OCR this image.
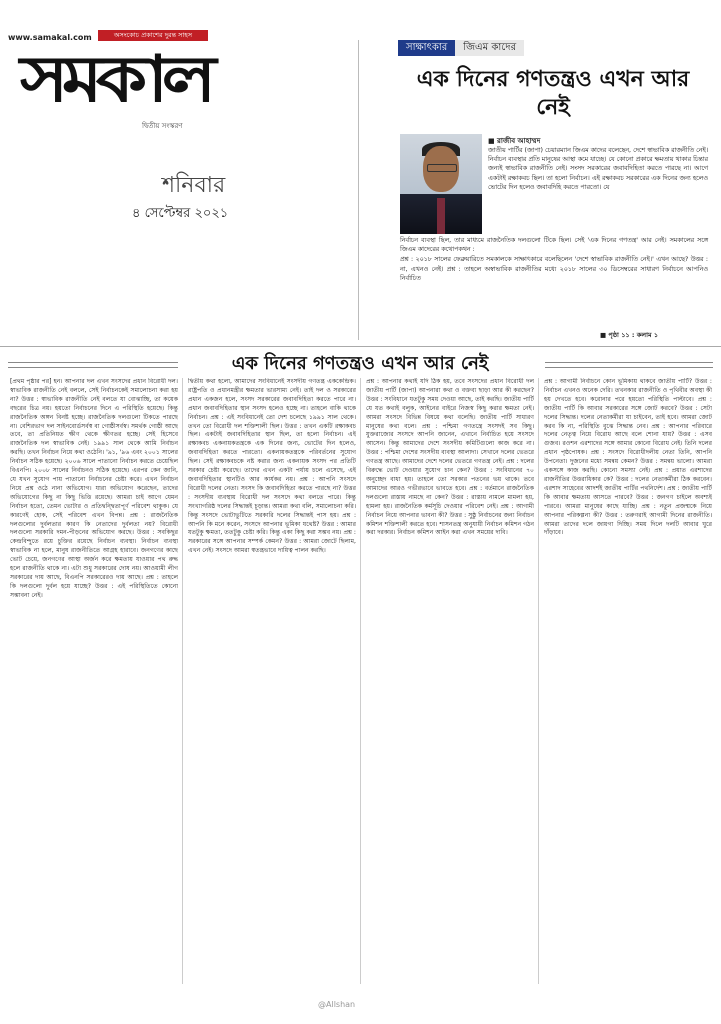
www.samakal.com	অসংকোচ প্রকাশের দুরন্ত সাহস
সমকাল
দ্বিতীয় সংস্করণ
শনিবার
৪ সেপ্টেম্বর ২০২১
সাক্ষাৎকার	জিএম কাদের
এক দিনের গণতন্ত্রও এখন আর নেই
■ রাজীব আহাম্মদ
জাতীয় পার্টির (জাপা) চেয়ারম্যান জিএম কাদের বলেছেন, দেশে স্বাভাবিক রাজনীতি নেই। নির্বাচন ব্যবস্থার প্রতি মানুষের আস্থা কমে যাচ্ছে। যে কোনো প্রকারে ক্ষমতায় থাকার চিন্তার জন্যই স্বাভাবিক রাজনীতি নেই। সংসদ সরকারের জবাবদিহিতা করতে পারছে না। আগে একটাই রক্ষাকবচ ছিল। তা হলো নির্বাচন। এই রক্ষাকবচ সরকারের এক দিনের জন্য হলেও ভোটের দিন হলেও জবাবদিহি করতে পারতো। যে

নির্বাচন ব্যবস্থা ছিল, তার মাধ্যমে রাজনৈতিক দলগুলো টিকে ছিল। সেই 'এক দিনের গণতন্ত্র' আর নেই। সমকালের সঙ্গে জিএম কাদেরের কথোপকথন :

প্রশ্ন : ২০১৮ সালের ফেব্রুয়ারিতে সমকালকে সাক্ষাৎকারে বলেছিলেন 'দেশে স্বাভাবিক রাজনীতি নেই।' এখন আছে? উত্তর : না, এখনও নেই। প্রশ্ন : তাহলে অস্বাভাবিক রাজনীতির মধ্যে ২০১৮ সালের ৩০ ডিসেম্বরের সাধারণ নির্বাচনে আপনিও নির্বাচিত

■ পৃষ্ঠা ১১ : কলাম ১
এক দিনের গণতন্ত্রও এখন আর নেই
[প্রথম পৃষ্ঠার পর] হন। আপনার দল এখন সংসদের প্রধান বিরোধী দল। স্বাভাবিক রাজনীতি নেই বললে, সেই নির্বাচনকেই সমালোচনা করা হয় না? উত্তর : স্বাভাবিক রাজনীতি নেই বলতে যা বোঝাচ্ছি, তা কয়েক বছরের চিত্র নয়। হয়তো নির্বাচনের দিনে এ পরিস্থিতি হয়েছে। কিন্তু রাজনৈতিক অঙ্গন বিনষ্ট হচ্ছে। রাজনৈতিক দলগুলো টিকতে পারছে না। বেশিরভাগ দল সাইনবোর্ডসর্বস্ব বা গোষ্ঠীসর্বস্ব। সমর্থক গোষ্ঠী আছে তবে, তা প্রতিনিয়ত ক্ষীণ থেকে ক্ষীণতর হচ্ছে। সেই হিসেবে রাজনৈতিক দল স্বাভাবিক নেই। ১৯৯১ সাল থেকে আমি নির্বাচন করছি। তখন নির্বাচন নিয়ে কথা ওঠেনি। '৯১, '৯৬ এবং ২০০১ সালের নির্বাচন সঠিক হয়েছে। ২০০৬ সালে পাতানো নির্বাচন করতে চেয়েছিল বিএনপি। ২০০৮ সালের নির্বাচনও সঠিক হয়েছে। এরপর কেন জানি, যে যখন সুযোগ পায় পাতানো নির্বাচনের চেষ্টা করে। এখন নির্বাচন নিয়ে প্রশ্ন ওঠে নানা অভিযোগ। যারা অভিযোগ করেছেন, তাদের অভিযোগের কিছু না কিছু ভিত্তি রয়েছে। আমরা চাই আগে যেমন নির্বাচন হতো, তেমন ভোটার ও প্রতিদ্বন্দ্বিতাপূর্ণ পরিবেশ থাকুক। যে কারণেই হোক, সেই পরিবেশ এখন বিপন্ন। প্রশ্ন : রাজনৈতিক দলগুলোর দুর্বলতার কারণ কি নেতাদের দুর্বলতা নয়? বিরোধী দলগুলো সরকারি দমন-পীড়নের অভিযোগ করছে। উত্তর : সবকিছুর কেন্দ্রবিন্দুতে রয়ে চুক্তির রয়েছে নির্বাচন ব্যবস্থা। নির্বাচন ব্যবস্থা স্বাভাবিক না হলে, মানুষ রাজনীতিতে আগ্রহ হারাবে। জনগণের কাছে ভোট চেয়ে, জনগণের আস্থা অর্জন করে ক্ষমতায় যাওয়ার পথ রুদ্ধ হলে রাজনীতি থাকে না। এটা শুধু সরকারের দোষ নয়। আওয়ামী লীগ সরকারের দায় আছে, বিএনপি সরকারেরও দায় আছে। প্রশ্ন : তাহলে কি দলগুলো দুর্বল হয়ে যাচ্ছে? উত্তর : এই পরিস্থিতিতে কোনো সম্ভাবনা নেই।
দ্বিতীয় কথা হলো, আমাদের সংবিধানেই সংসদীয় গণতন্ত্র এককেন্দ্রিক। রাষ্ট্রপতি ও প্রধানমন্ত্রীর ক্ষমতার ভারসাম্য নেই। তাই দল ও সরকারের প্রধান একজন হলে, সংসদ সরকারের জবাবদিহিতা করতে পারে না। প্রধান জবাবদিহিতার স্থান সংসদ হলেও হচ্ছে না। তাহলে বাকি থাকে নির্বাচন। প্রশ্ন : এই সংবিধানেই তো দেশ চলেছে ১৯৯১ সাল থেকে। তখন তো বিরোধী দল শক্তিশালী ছিল। উত্তর : তখন একটি রক্ষাকবচ ছিল। একটাই জবাবদিহিতার স্থান ছিল, তা হলো নির্বাচন। এই রক্ষাকবচ একনায়কতন্ত্রকে এক দিনের জন্য, ভোটের দিন হলেও, জবাবদিহিতা করতে পারতো। একনায়কতন্ত্রকে পরিবর্তনের সুযোগ ছিল। সেই রক্ষাকবচকে নষ্ট করার জন্য একনায়ক সংসদ পর প্রতিটি সরকার চেষ্টা করেছে। তাদের এখন একটা পর্যায় চলে এসেছে, এই জবাবদিহিতার স্থানটিও আর কার্যকর নয়। প্রশ্ন : আপনি সংসদে বিরোধী দলের নেতা। সংসদ কি জবাবদিহিতা করতে পারছে না? উত্তর : সংসদীয় ব্যবস্থায় বিরোধী দল সংসদে কথা বলতে পারে। কিন্তু সংখ্যাগরিষ্ঠ দলের সিদ্ধান্তই চূড়ান্ত। আমরা কথা বলি, সমালোচনা করি। কিন্তু সংসদে ভোটাভুটিতে সরকারি দলের সিদ্ধান্তই পাস হয়। প্রশ্ন : আপনি কি মনে করেন, সংসদে আপনার ভূমিকা যথেষ্ট? উত্তর : আমার যতটুকু ক্ষমতা, ততটুকু চেষ্টা করি। কিন্তু একা কিছু করা সম্ভব নয়। প্রশ্ন : সরকারের সঙ্গে আপনার সম্পর্ক কেমন? উত্তর : আমরা জোটে ছিলাম, এখন নেই। সংসদে আমরা স্বতন্ত্রভাবে দায়িত্ব পালন করছি।
প্রশ্ন : আপনার কথাই যদি ঠিক হয়, তবে সংসদের প্রধান বিরোধী দল জাতীয় পার্টি (জাপা) আপনারা কথা ও বক্তব্য ছাড়া আর কী করছেন? উত্তর : সংবিধানে যতটুকু সময় দেওয়া আছে, তাই করছি। জাতীয় পার্টি যে যত কথাই বলুক, আইনের বাইরে নিজস্ব কিছু করার ক্ষমতা নেই। আমরা সংসদে বিভিন্ন বিষয়ে কথা বলেছি। জাতীয় পার্টি সাধারণ মানুষের কথা বলে। প্রশ্ন : পশ্চিমা গণতন্ত্রে সংসদই সব কিছু। যুক্তরাজ্যের সংসদে আপনি জানেন, এখানে নির্বাচিত হয়ে সংসদে আসেন। কিন্তু আমাদের দেশে সংসদীয় কমিটিগুলো কাজ করে না। উত্তর : পশ্চিমা দেশের সংসদীয় ব্যবস্থা আলাদা। সেখানে দলের ভেতরে গণতন্ত্র আছে। আমাদের দেশে দলের ভেতরে গণতন্ত্র নেই। প্রশ্ন : দলের বিরুদ্ধে ভোট দেওয়ার সুযোগ চান কেন? উত্তর : সংবিধানের ৭০ অনুচ্ছেদ বাধা হয়। তাহলে তো সরকার পতনের ভয় থাকে। তবে আমাদের আরও গভীরভাবে ভাবতে হবে। প্রশ্ন : বর্তমানে রাজনৈতিক দলগুলো রাস্তায় নামছে না কেন? উত্তর : রাস্তায় নামলে মামলা হয়, হামলা হয়। রাজনৈতিক কর্মসূচি দেওয়ার পরিবেশ নেই। প্রশ্ন : আগামী নির্বাচন নিয়ে আপনার ভাবনা কী? উত্তর : সুষ্ঠু নির্বাচনের জন্য নির্বাচন কমিশন শক্তিশালী করতে হবে। শাসনতন্ত্র অনুযায়ী নির্বাচন কমিশন গঠন করা দরকার। নির্বাচন কমিশন আইন করা এখন সময়ের দাবি।
প্রশ্ন : আগামী নির্বাচনে কোন ভূমিকায় থাকবে জাতীয় পার্টি? উত্তর : নির্বাচন এখনও অনেক দেরি। তখনকার রাজনীতি ও পৃথিবীর অবস্থা কী হয় দেখতে হবে। করোনার পরে হয়তো পরিস্থিতি পাল্টাবে। প্রশ্ন : জাতীয় পার্টি কি আবার সরকারের সঙ্গে জোট করবে? উত্তর : সেটা দলের সিদ্ধান্ত। দলের নেতাকর্মীরা যা চাইবেন, তাই হবে। আমরা জোট করব কি না, পরিস্থিতি বুঝে সিদ্ধান্ত নেব। প্রশ্ন : আপনার পরিবারে দলের নেতৃত্ব নিয়ে বিরোধ আছে বলে শোনা যায়? উত্তর : এসব গুজব। রওশন এরশাদের সঙ্গে আমার কোনো বিরোধ নেই। তিনি দলের প্রধান পৃষ্ঠপোষক। প্রশ্ন : সংসদে বিরোধীদলীয় নেতা তিনি, আপনি উপনেতা। দুজনের মধ্যে সমন্বয় কেমন? উত্তর : সমন্বয় ভালো। আমরা একসঙ্গে কাজ করছি। কোনো সমস্যা নেই। প্রশ্ন : প্রয়াত এরশাদের রাজনীতির উত্তরাধিকার কে? উত্তর : দলের নেতাকর্মীরা ঠিক করবেন। এরশাদ সাহেবের আদর্শই জাতীয় পার্টির পথনির্দেশ। প্রশ্ন : জাতীয় পার্টি কি আবার ক্ষমতায় আসতে পারবে? উত্তর : জনগণ চাইলে অবশ্যই পারবে। আমরা মানুষের কাছে যাচ্ছি। প্রশ্ন : নতুন প্রজন্মকে নিয়ে আপনার পরিকল্পনা কী? উত্তর : তরুণরাই আগামী দিনের রাজনীতি। আমরা তাদের দলে জায়গা দিচ্ছি। সময় দিলে দলটি আবার ঘুরে দাঁড়াবে।
@Allshan
